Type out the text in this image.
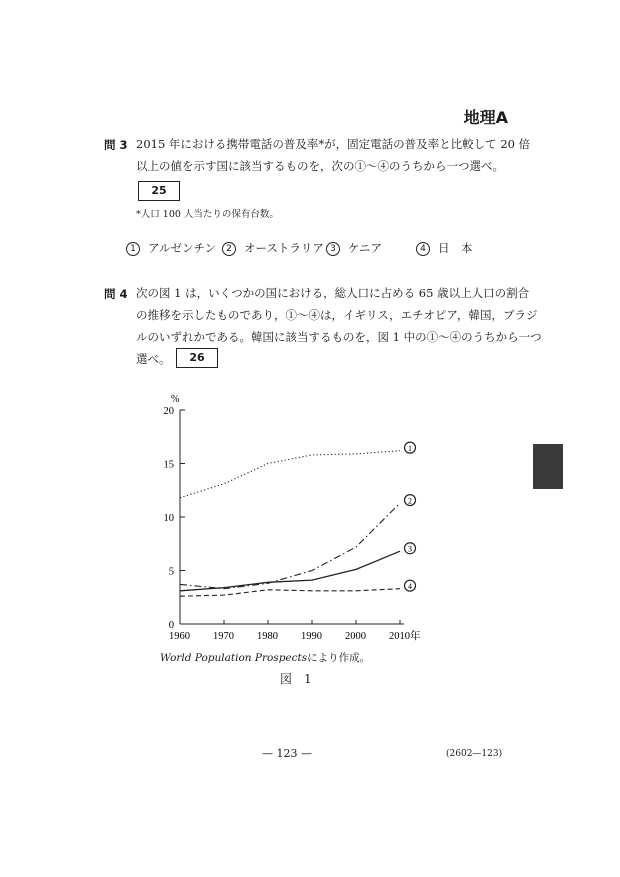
地理A
問 3 2015 年における携帯電話の普及率*が，固定電話の普及率と比較して 20 倍
以上の値を示す国に該当するものを，次の①～④のうちから一つ選べ。
25
*人口 100 人当たりの保有台数。
1 アルゼンチン	2 オーストラリア 3 ケニア	4 日　本
問 4 次の図 1 は，いくつかの国における，総人口に占める 65 歳以上人口の割合
の推移を示したものであり，①～④は，イギリス，エチオピア，韓国，ブラジ
ルのいずれかである。韓国に該当するものを，図 1 中の①～④のうちから一つ
選べ。	26
%
0
5
10
15
20
1960 1970 1980 1990 2000 2010年
1
2
3
4
World Population Prospectsにより作成。
図　1
— 123 —	(2602—123)
